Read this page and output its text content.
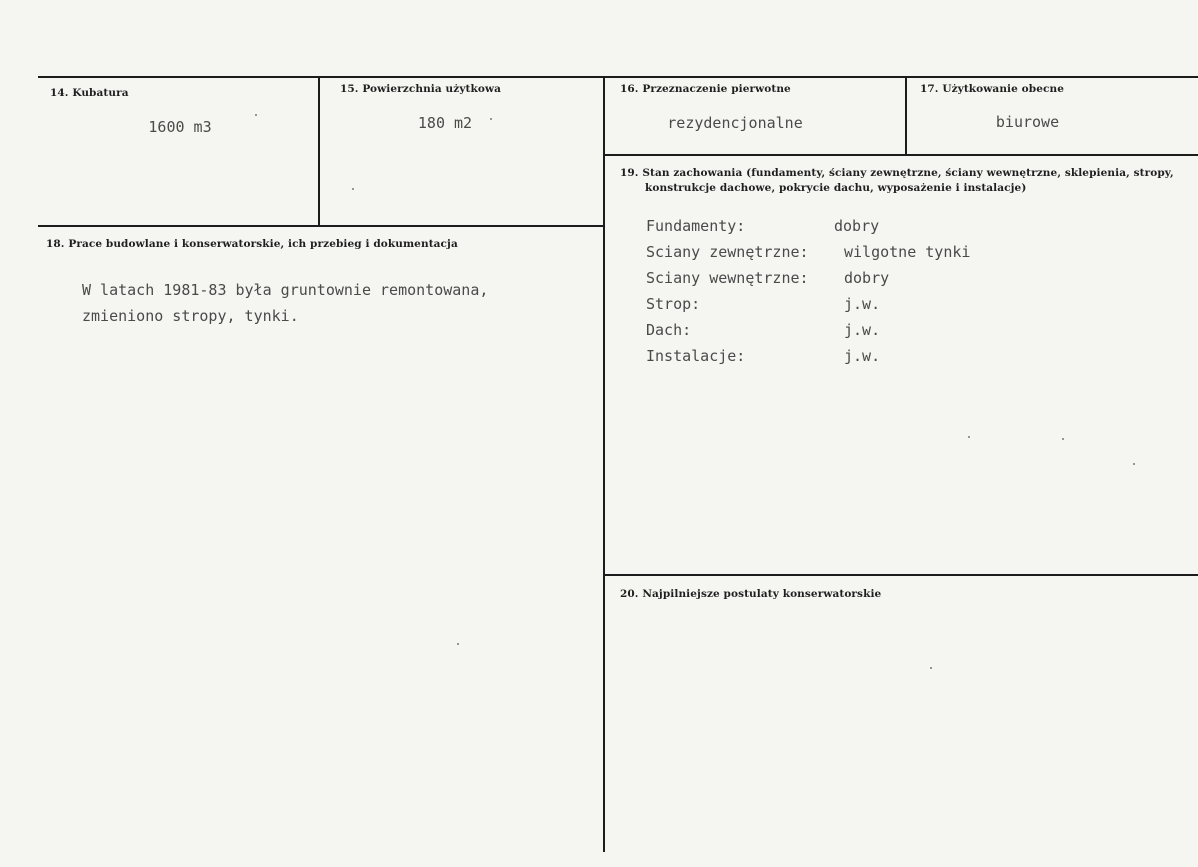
14. Kubatura
1600 m3
15. Powierzchnia użytkowa
180 m2
16. Przeznaczenie pierwotne
rezydencjonalne
17. Użytkowanie obecne
biurowe
18. Prace budowlane i konserwatorskie, ich przebieg i dokumentacja
W latach 1981-83 była gruntownie remontowana,
zmieniono stropy, tynki.
19. Stan zachowania (fundamenty, ściany zewnętrzne, ściany wewnętrzne, sklepienia, stropy,
konstrukcje dachowe, pokrycie dachu, wyposażenie i instalacje)
Fundamenty:	dobry
Sciany zewnętrzne: wilgotne tynki
Sciany wewnętrzne: dobry
Strop:	j.w.
Dach:	j.w.
Instalacje:	j.w.
20. Najpilniejsze postulaty konserwatorskie
